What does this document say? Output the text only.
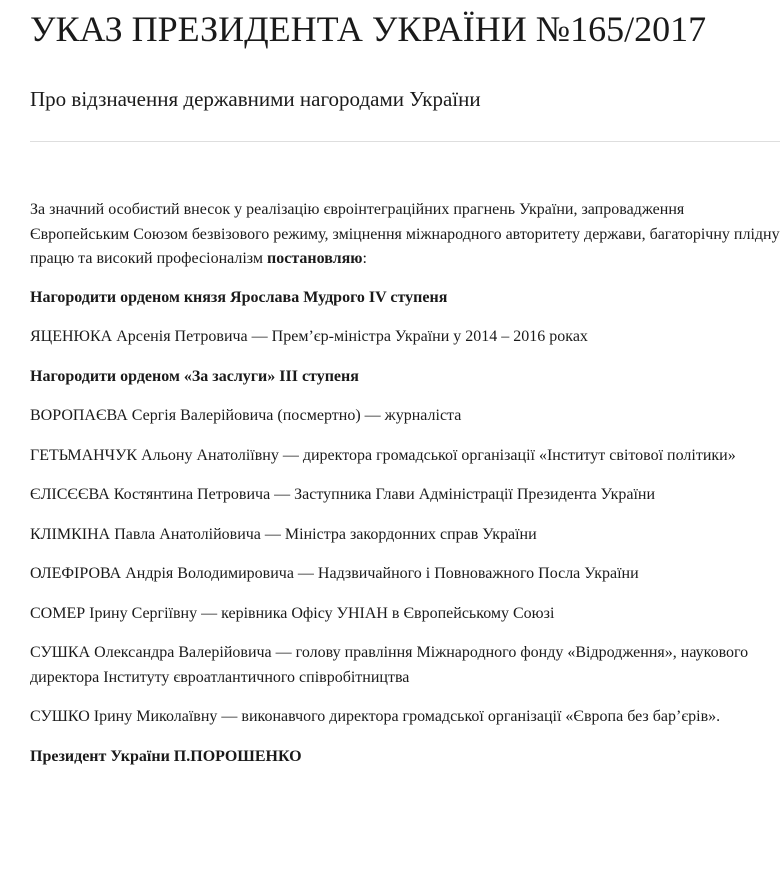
УКАЗ ПРЕЗИДЕНТА УКРАЇНИ №165/2017
Про відзначення державними нагородами України

За значний особистий внесок у реалізацію євроінтеграційних прагнень України, запровадження Європейським Союзом безвізового режиму, зміцнення міжнародного авторитету держави, багаторічну плідну працю та високий професіоналізм постановляю:

Нагородити орденом князя Ярослава Мудрого IV ступеня

ЯЦЕНЮКА Арсенія Петровича — Прем’єр-міністра України у 2014 – 2016 роках

Нагородити орденом «За заслуги» III ступеня

ВОРОПАЄВА Сергія Валерійовича (посмертно) — журналіста

ГЕТЬМАНЧУК Альону Анатоліївну — директора громадської організації «Інститут світової політики»

ЄЛІСЄЄВА Костянтина Петровича — Заступника Глави Адміністрації Президента України

КЛІМКІНА Павла Анатолійовича — Міністра закордонних справ України

ОЛЕФІРОВА Андрія Володимировича — Надзвичайного і Повноважного Посла України

СОМЕР Ірину Сергіївну — керівника Офісу УНІАН в Європейському Союзі

СУШКА Олександра Валерійовича — голову правління Міжнародного фонду «Відродження», наукового директора Інституту євроатлантичного співробітництва

СУШКО Ірину Миколаївну — виконавчого директора громадської організації «Європа без бар’єрів».

Президент України П.ПОРОШЕНКО
